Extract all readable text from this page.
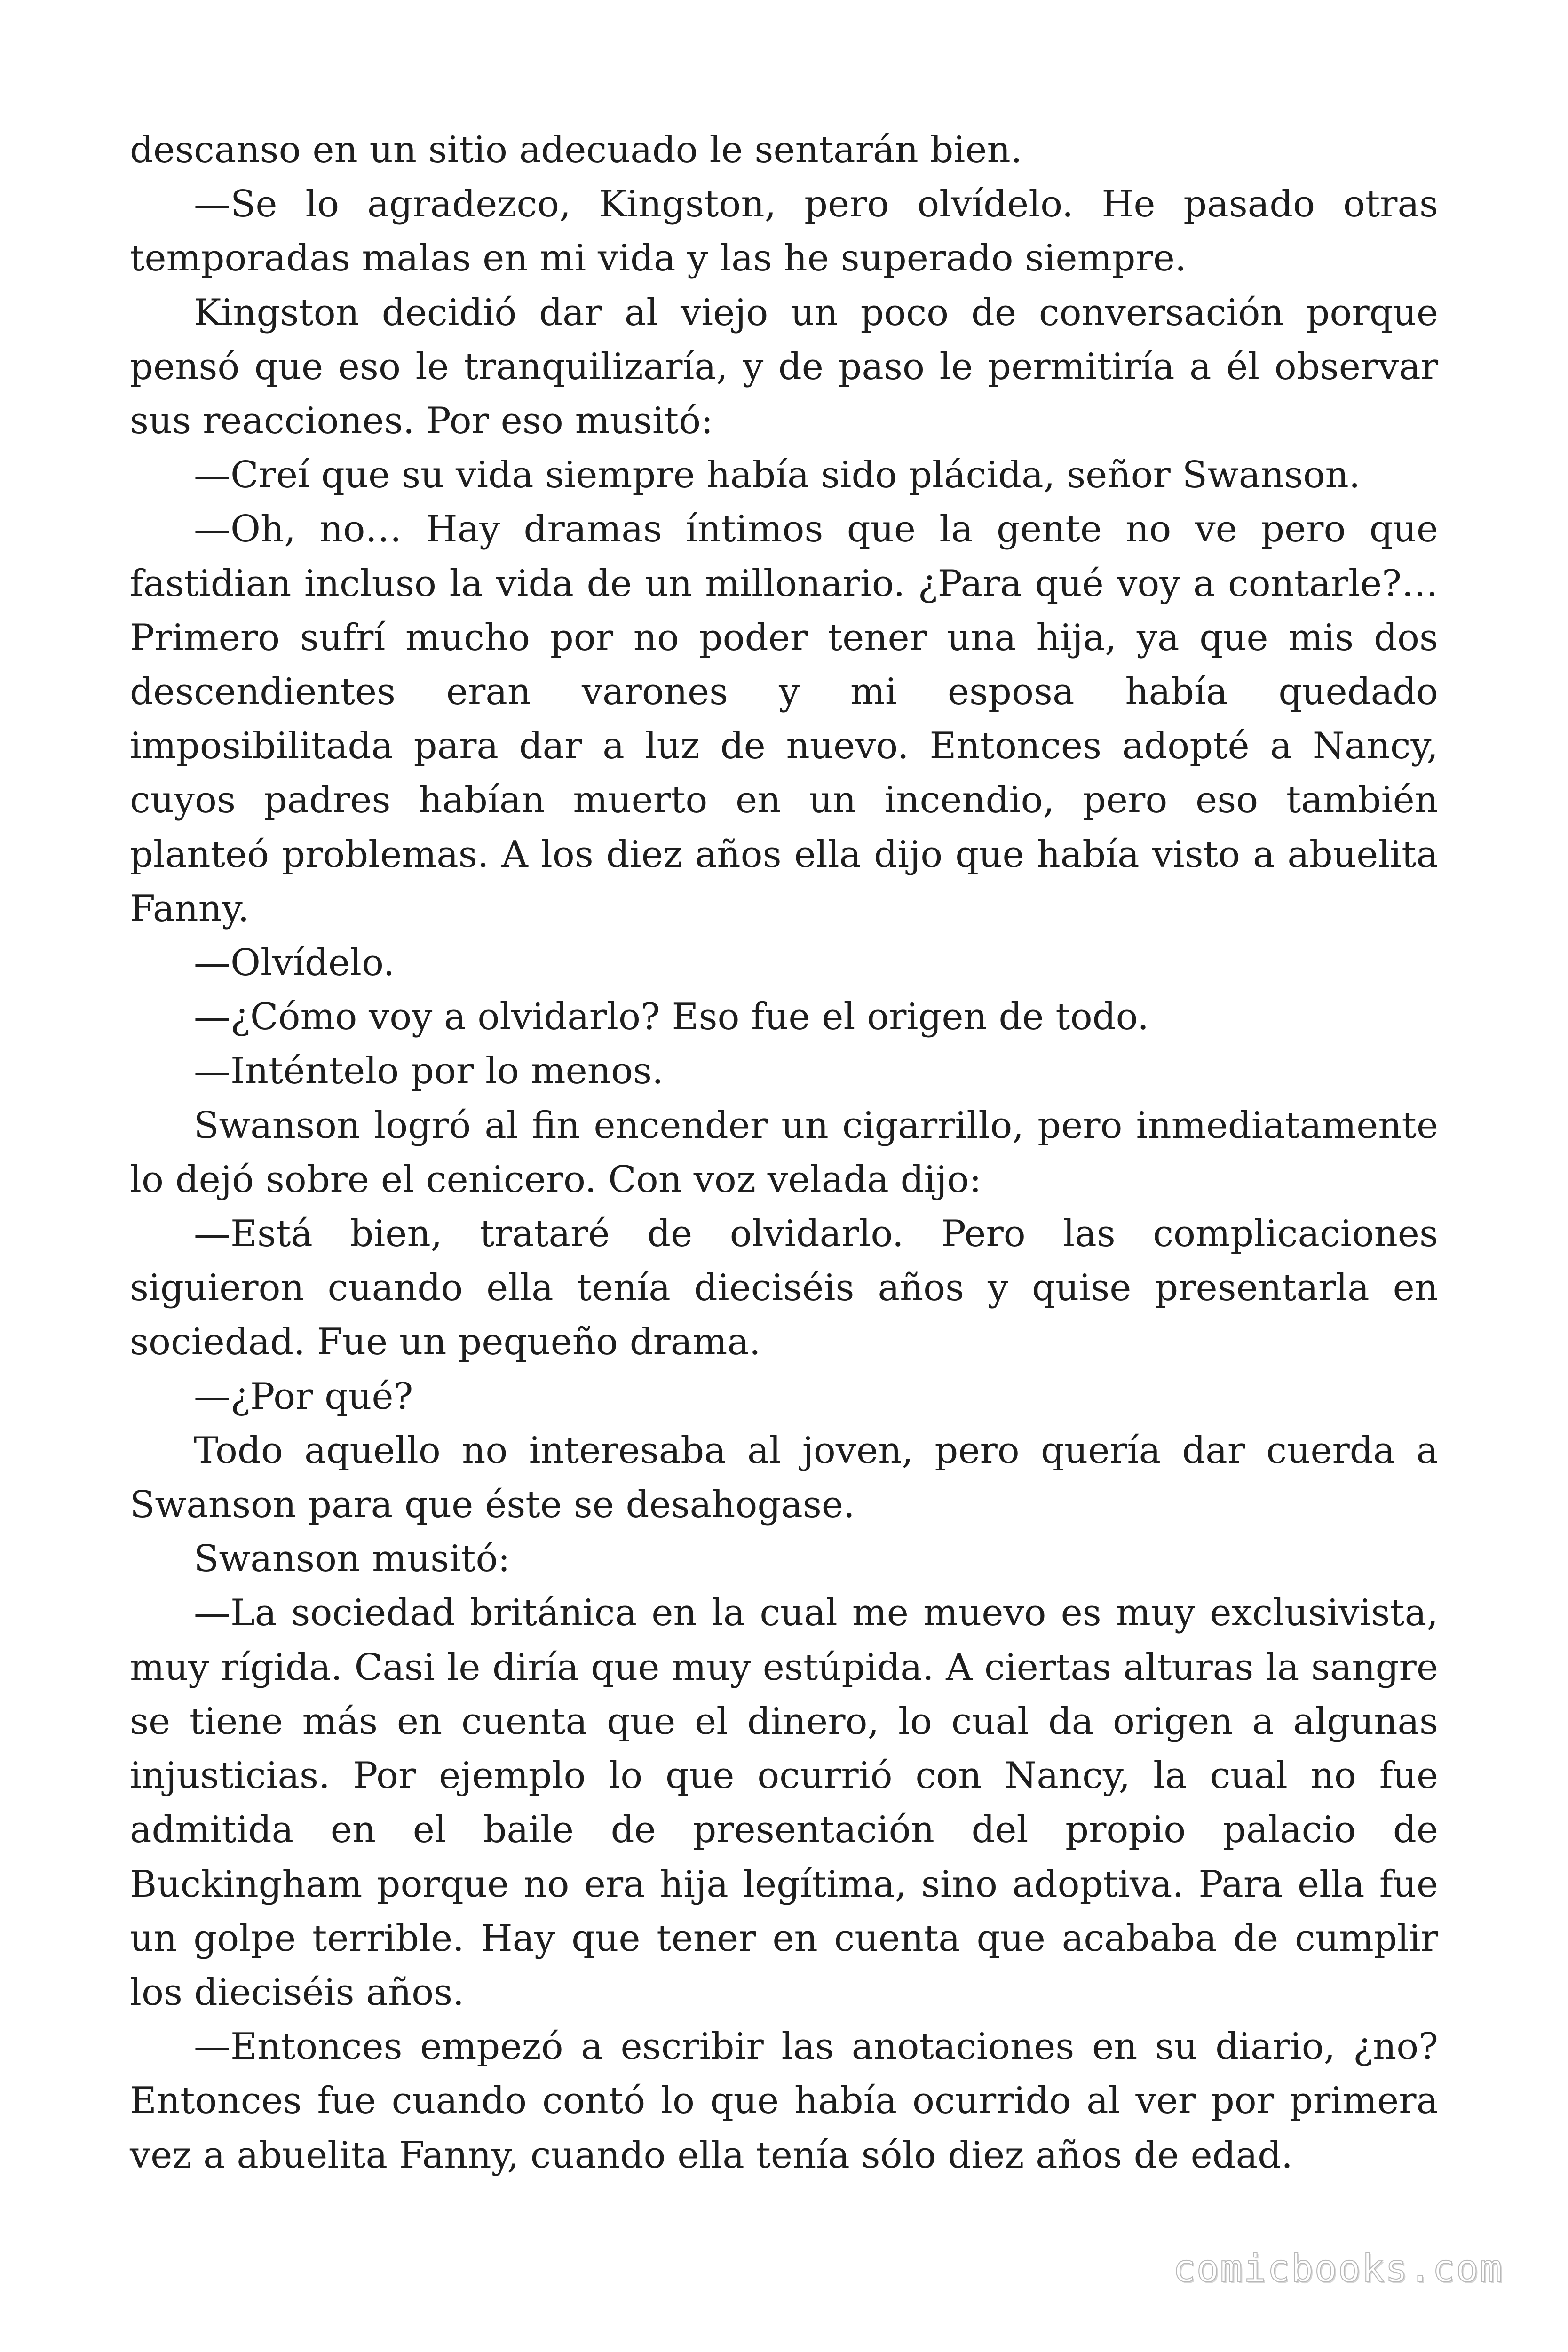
descanso en un sitio adecuado le sentarán bien.

—Se lo agradezco, Kingston, pero olvídelo. He pasado otras temporadas malas en mi vida y las he superado siempre.

Kingston decidió dar al viejo un poco de conversación porque pensó que eso le tranquilizaría, y de paso le permitiría a él observar sus reacciones. Por eso musitó:

—Creí que su vida siempre había sido plácida, señor Swanson.

—Oh, no… Hay dramas íntimos que la gente no ve pero que fastidian incluso la vida de un millonario. ¿Para qué voy a contarle?… Primero sufrí mucho por no poder tener una hija, ya que mis dos descendientes eran varones y mi esposa había quedado imposibilitada para dar a luz de nuevo. Entonces adopté a Nancy, cuyos padres habían muerto en un incendio, pero eso también planteó problemas. A los diez años ella dijo que había visto a abuelita Fanny.

—Olvídelo.

—¿Cómo voy a olvidarlo? Eso fue el origen de todo.

—Inténtelo por lo menos.

Swanson logró al fin encender un cigarrillo, pero inmediatamente lo dejó sobre el cenicero. Con voz velada dijo:

—Está bien, trataré de olvidarlo. Pero las complicaciones siguieron cuando ella tenía dieciséis años y quise presentarla en sociedad. Fue un pequeño drama.

—¿Por qué?

Todo aquello no interesaba al joven, pero quería dar cuerda a Swanson para que éste se desahogase.

Swanson musitó:

—La sociedad británica en la cual me muevo es muy exclusivista, muy rígida. Casi le diría que muy estúpida. A ciertas alturas la sangre se tiene más en cuenta que el dinero, lo cual da origen a algunas injusticias. Por ejemplo lo que ocurrió con Nancy, la cual no fue admitida en el baile de presentación del propio palacio de Buckingham porque no era hija legítima, sino adoptiva. Para ella fue un golpe terrible. Hay que tener en cuenta que acababa de cumplir los dieciséis años.

—Entonces empezó a escribir las anotaciones en su diario, ¿no? Entonces fue cuando contó lo que había ocurrido al ver por primera vez a abuelita Fanny, cuando ella tenía sólo diez años de edad.

comicbooks.com
